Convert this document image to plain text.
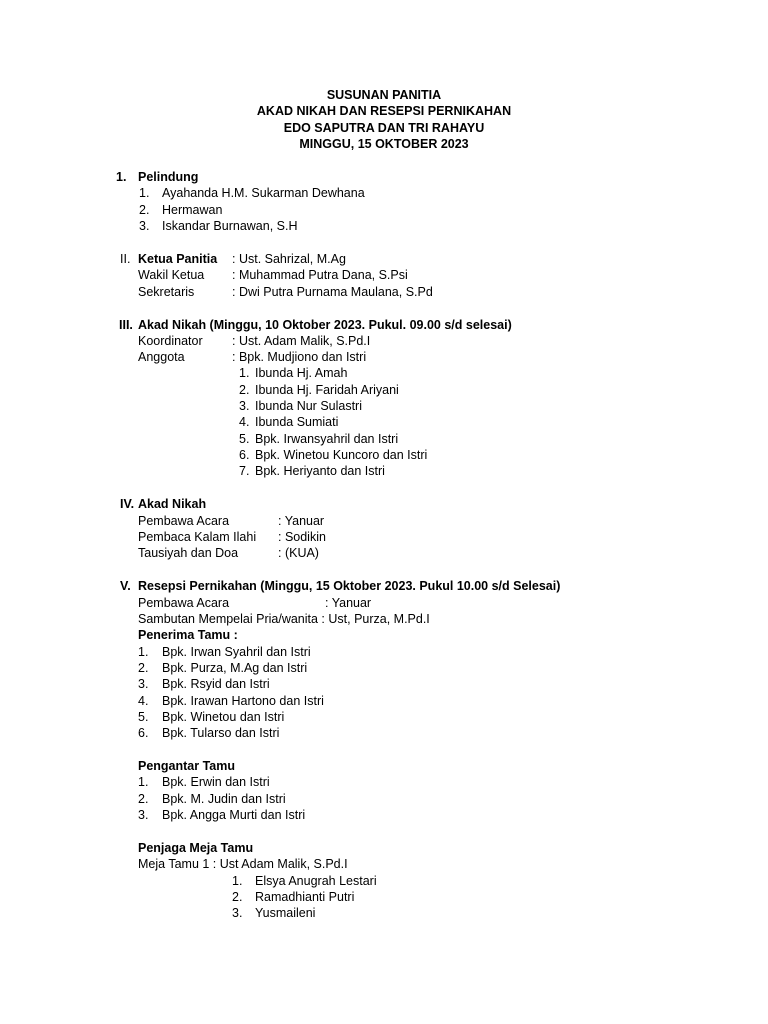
SUSUNAN PANITIA
AKAD NIKAH DAN RESEPSI PERNIKAHAN
EDO SAPUTRA DAN TRI RAHAYU
MINGGU, 15 OKTOBER 2023
1. Pelindung
1. Ayahanda H.M. Sukarman Dewhana
2. Hermawan
3. Iskandar Burnawan, S.H
II. Ketua Panitia : Ust. Sahrizal, M.Ag
Wakil Ketua : Muhammad Putra Dana, S.Psi
Sekretaris	: Dwi Putra Purnama Maulana, S.Pd
III. Akad Nikah (Minggu, 10 Oktober 2023. Pukul. 09.00 s/d selesai)
Koordinator : Ust. Adam Malik, S.Pd.I
Anggota	: Bpk. Mudjiono dan Istri
1. Ibunda Hj. Amah
2. Ibunda Hj. Faridah Ariyani
3. Ibunda Nur Sulastri
4. Ibunda Sumiati
5. Bpk. Irwansyahril dan Istri
6. Bpk. Winetou Kuncoro dan Istri
7. Bpk. Heriyanto dan Istri
IV. Akad Nikah
Pembawa Acara	: Yanuar
Pembaca Kalam Ilahi : Sodikin
Tausiyah dan Doa	: (KUA)
V. Resepsi Pernikahan (Minggu, 15 Oktober 2023. Pukul 10.00 s/d Selesai)
Pembawa Acara	: Yanuar
Sambutan Mempelai Pria/wanita : Ust, Purza, M.Pd.I
Penerima Tamu :
1. Bpk. Irwan Syahril dan Istri
2. Bpk. Purza, M.Ag dan Istri
3. Bpk. Rsyid dan Istri
4. Bpk. Irawan Hartono dan Istri
5. Bpk. Winetou dan Istri
6. Bpk. Tularso dan Istri
Pengantar Tamu
1. Bpk. Erwin dan Istri
2. Bpk. M. Judin dan Istri
3. Bpk. Angga Murti dan Istri
Penjaga Meja Tamu
Meja Tamu 1 : Ust Adam Malik, S.Pd.I
1. Elsya Anugrah Lestari
2. Ramadhianti Putri
3. Yusmaileni
